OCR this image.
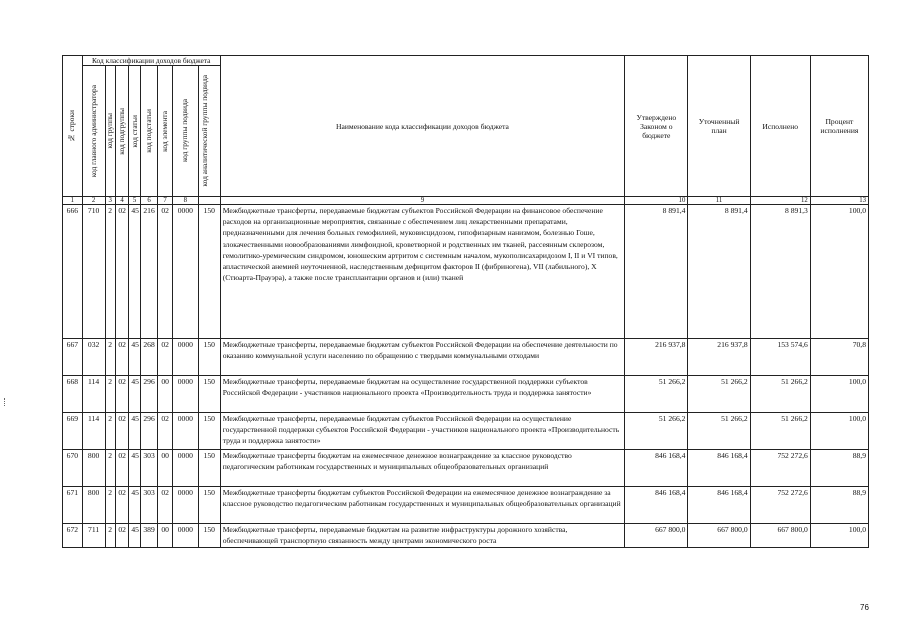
№ строки	Код классификации доходов бюджета								Наименование кода классификации доходов бюджета	Утверждено Законом о бюджете	Уточненный план	Исполнено	Процент исполнения

	код главного администратора	код группы	код подгруппы	код статьи	код подстатьи	код элемента	код группы подвида	код аналитической группы подвида					

1	2	3	4	5	6	7	8		9	10	11	12	13
666	710	2	02	45	216	02	0000	150	Межбюджетные трансферты, передаваемые бюджетам субъектов Российской Федерации на финансовое обеспечение расходов на организационные мероприятия, связанные с обеспечением лиц лекарственными препаратами, предназначенными для лечения больных гемофилией, муковисцидозом, гипофизарным нанизмом, болезнью Гоше, злокачественными новообразованиями лимфоидной, кроветворной и родственных им тканей, рассеянным склерозом, гемолитико-уремическим синдромом, юношеским артритом с системным началом, мукополисахаридозом I, II и VI типов, апластической анемией неуточненной, наследственным дефицитом факторов II (фибриногена), VII (лабильного), X (Стюарта-Прауэра), а также после трансплантации органов и (или) тканей	8 891,4	8 891,4	8 891,3	100,0
667	032	2	02	45	268	02	0000	150	Межбюджетные трансферты, передаваемые бюджетам субъектов Российской Федерации на обеспечение деятельности по оказанию коммунальной услуги населению по обращению с твердыми коммунальными отходами	216 937,8	216 937,8	153 574,6	70,8
668	114	2	02	45	296	00	0000	150	Межбюджетные трансферты, передаваемые бюджетам на осуществление государственной поддержки субъектов Российской Федерации - участников национального проекта «Производительность труда и поддержка занятости»	51 266,2	51 266,2	51 266,2	100,0
669	114	2	02	45	296	02	0000	150	Межбюджетные трансферты, передаваемые бюджетам субъектов Российской Федерации на осуществление государственной поддержки субъектов Российской Федерации - участников национального проекта «Производительность труда и поддержка занятости»	51 266,2	51 266,2	51 266,2	100,0
670	800	2	02	45	303	00	0000	150	Межбюджетные трансферты бюджетам на ежемесячное денежное вознаграждение за классное руководство педагогическим работникам государственных и муниципальных общеобразовательных организаций	846 168,4	846 168,4	752 272,6	88,9
671	800	2	02	45	303	02	0000	150	Межбюджетные трансферты бюджетам субъектов Российской Федерации на ежемесячное денежное вознаграждение за классное руководство педагогическим работникам государственных и муниципальных общеобразовательных организаций	846 168,4	846 168,4	752 272,6	88,9
672	711	2	02	45	389	00	0000	150	Межбюджетные трансферты, передаваемые бюджетам на развитие инфраструктуры дорожного хозяйства, обеспечивающей транспортную связанность между центрами экономического роста	667 800,0	667 800,0	667 800,0	100,0
76
